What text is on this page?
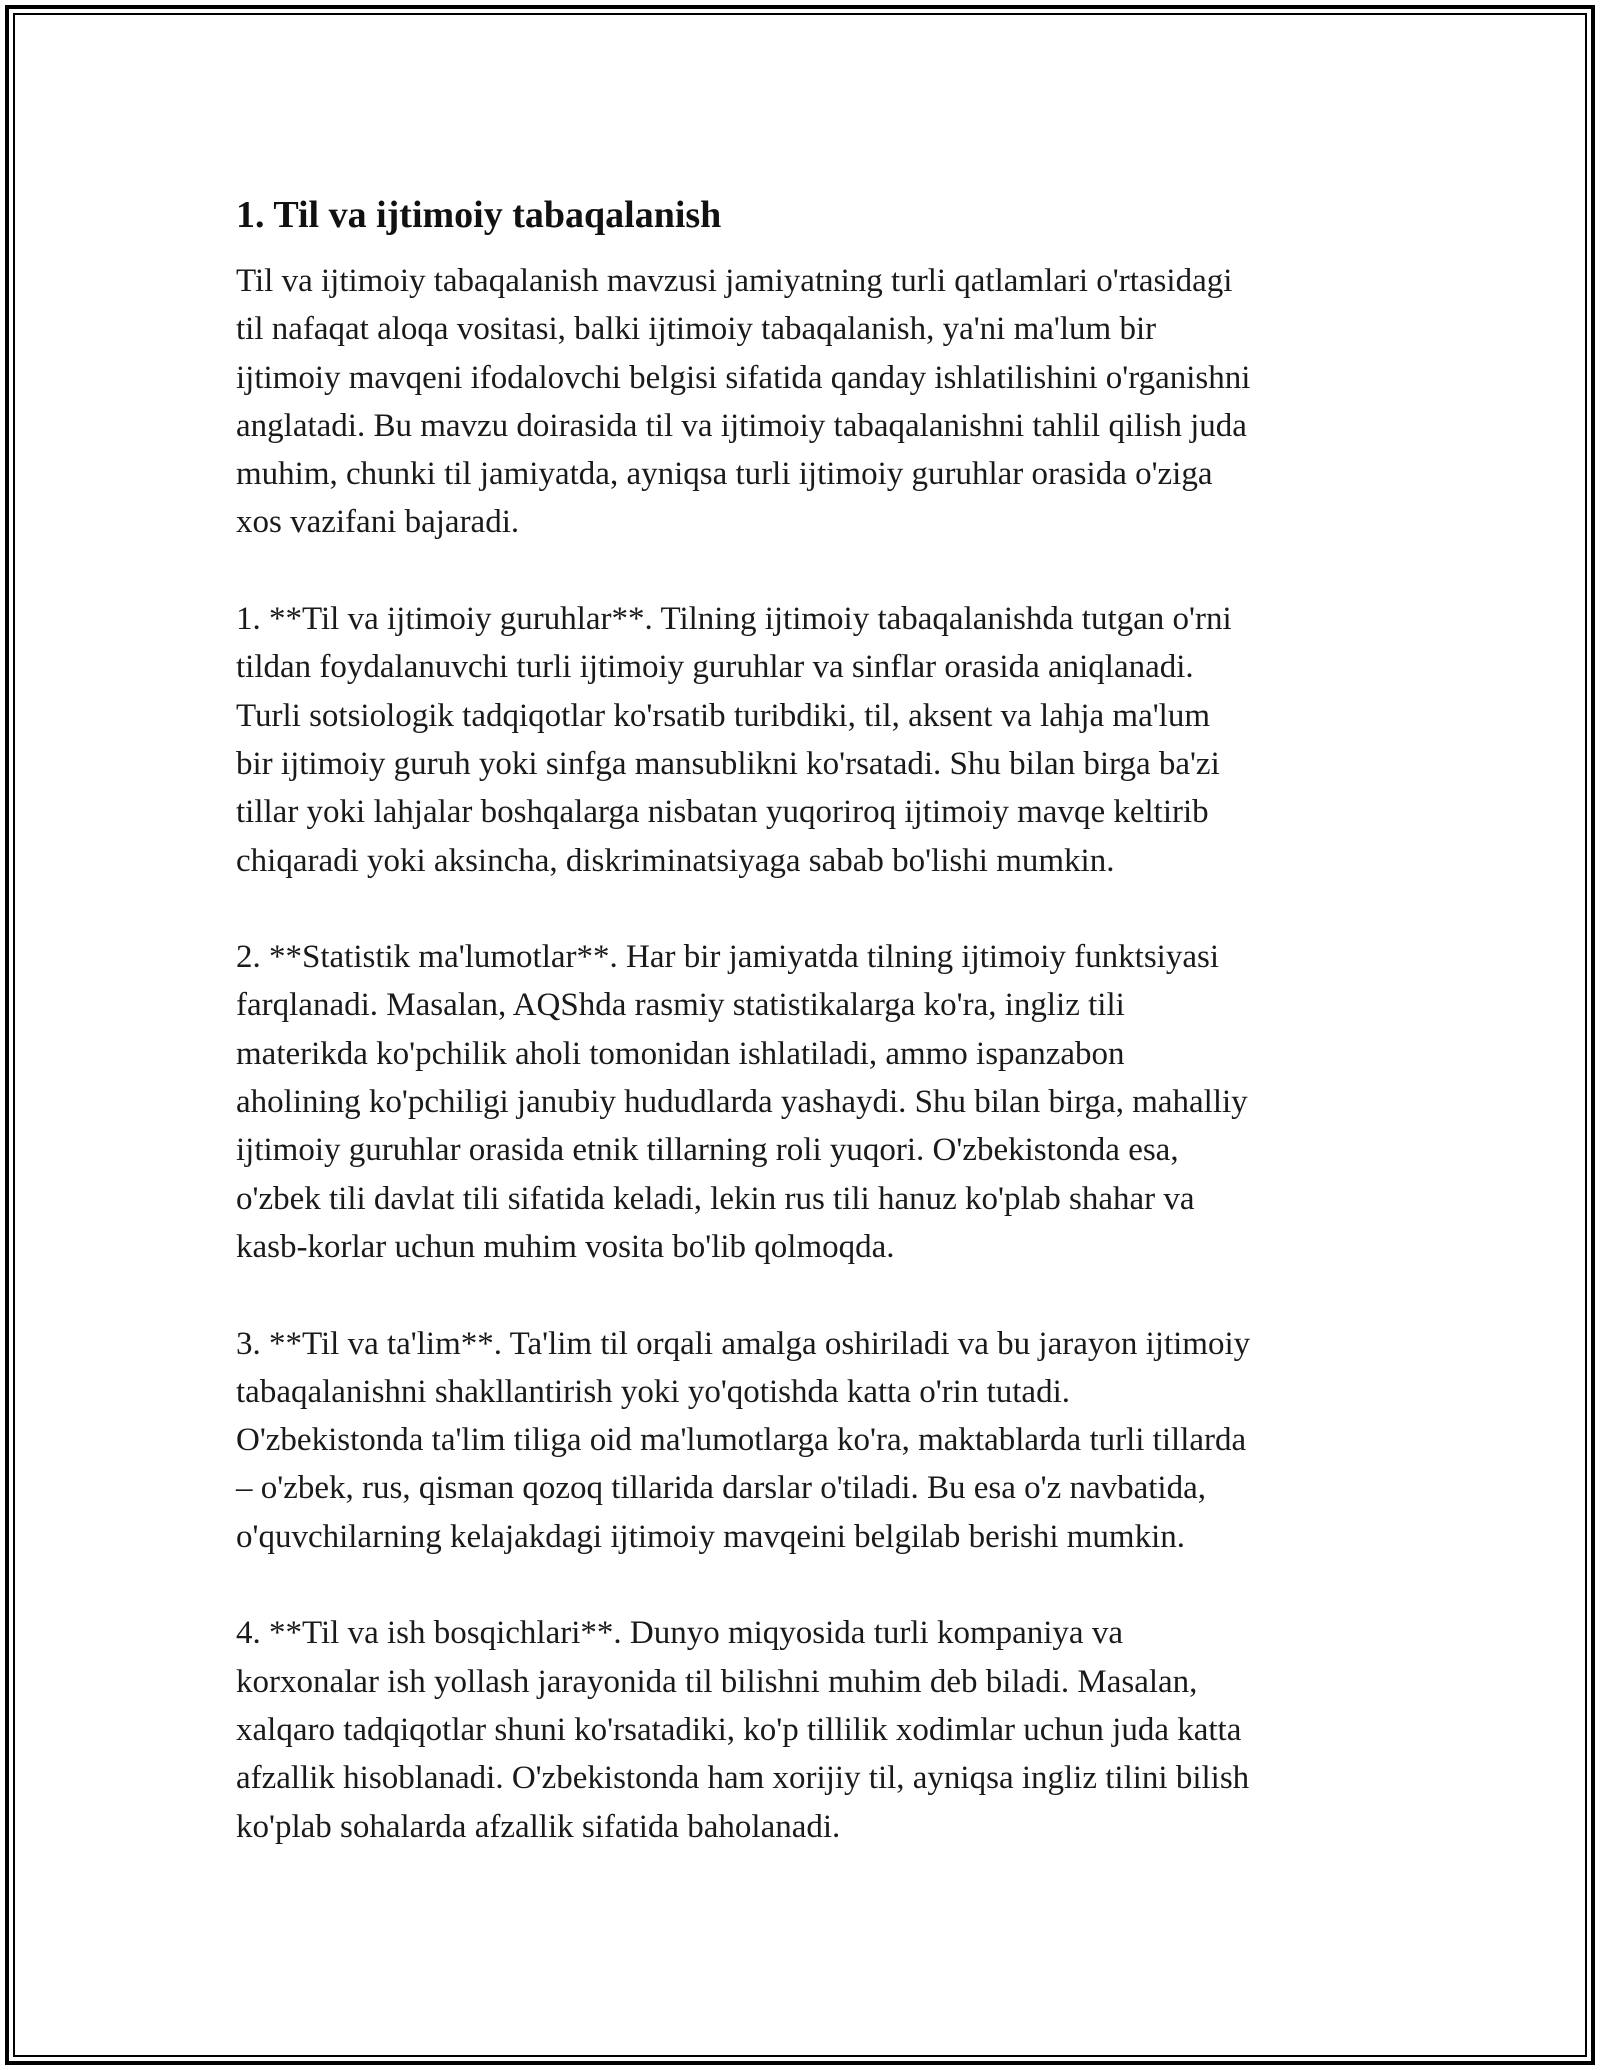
1. Til va ijtimoiy tabaqalanish

Til va ijtimoiy tabaqalanish mavzusi jamiyatning turli qatlamlari o'rtasidagi
til nafaqat aloqa vositasi, balki ijtimoiy tabaqalanish, ya'ni ma'lum bir
ijtimoiy mavqeni ifodalovchi belgisi sifatida qanday ishlatilishini o'rganishni
anglatadi. Bu mavzu doirasida til va ijtimoiy tabaqalanishni tahlil qilish juda
muhim, chunki til jamiyatda, ayniqsa turli ijtimoiy guruhlar orasida o'ziga
xos vazifani bajaradi.

1. **Til va ijtimoiy guruhlar**. Tilning ijtimoiy tabaqalanishda tutgan o'rni
tildan foydalanuvchi turli ijtimoiy guruhlar va sinflar orasida aniqlanadi.
Turli sotsiologik tadqiqotlar ko'rsatib turibdiki, til, aksent va lahja ma'lum
bir ijtimoiy guruh yoki sinfga mansublikni ko'rsatadi. Shu bilan birga ba'zi
tillar yoki lahjalar boshqalarga nisbatan yuqoriroq ijtimoiy mavqe keltirib
chiqaradi yoki aksincha, diskriminatsiyaga sabab bo'lishi mumkin.

2. **Statistik ma'lumotlar**. Har bir jamiyatda tilning ijtimoiy funktsiyasi
farqlanadi. Masalan, AQShda rasmiy statistikalarga ko'ra, ingliz tili
materikda ko'pchilik aholi tomonidan ishlatiladi, ammo ispanzabon
aholining ko'pchiligi janubiy hududlarda yashaydi. Shu bilan birga, mahalliy
ijtimoiy guruhlar orasida etnik tillarning roli yuqori. O'zbekistonda esa,
o'zbek tili davlat tili sifatida keladi, lekin rus tili hanuz ko'plab shahar va
kasb-korlar uchun muhim vosita bo'lib qolmoqda.

3. **Til va ta'lim**. Ta'lim til orqali amalga oshiriladi va bu jarayon ijtimoiy
tabaqalanishni shakllantirish yoki yo'qotishda katta o'rin tutadi.
O'zbekistonda ta'lim tiliga oid ma'lumotlarga ko'ra, maktablarda turli tillarda
– o'zbek, rus, qisman qozoq tillarida darslar o'tiladi. Bu esa o'z navbatida,
o'quvchilarning kelajakdagi ijtimoiy mavqeini belgilab berishi mumkin.

4. **Til va ish bosqichlari**. Dunyo miqyosida turli kompaniya va
korxonalar ish yollash jarayonida til bilishni muhim deb biladi. Masalan,
xalqaro tadqiqotlar shuni ko'rsatadiki, ko'p tillilik xodimlar uchun juda katta
afzallik hisoblanadi. O'zbekistonda ham xorijiy til, ayniqsa ingliz tilini bilish
ko'plab sohalarda afzallik sifatida baholanadi.
